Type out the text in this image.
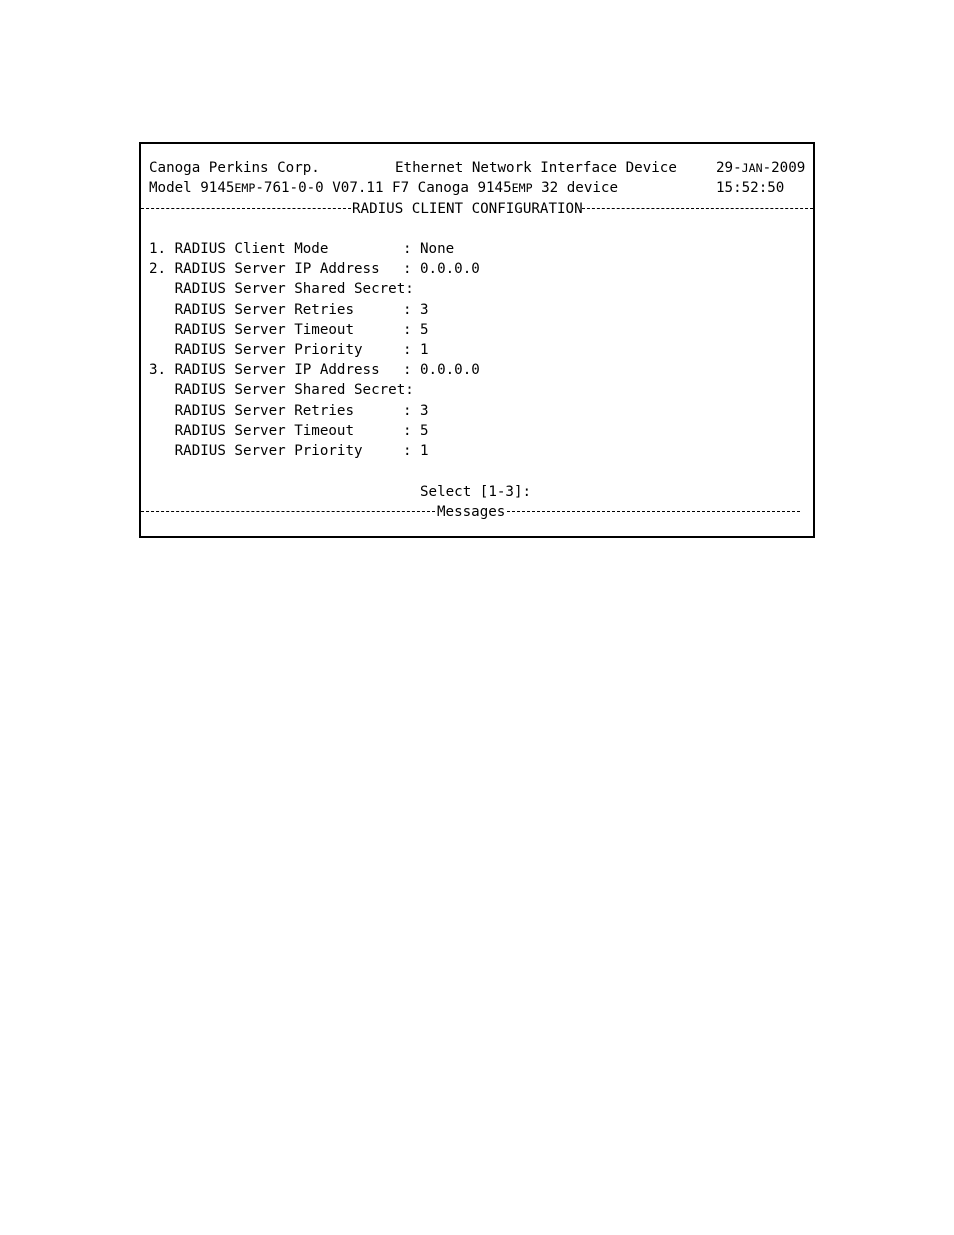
Canoga Perkins Corp.

	Ethernet Network Interface Device

	29-JAN-2009

Model 9145EMP-761-0-0 V07.11 F7 Canoga 9145EMP 32 device

	15:52:50

RADIUS CLIENT CONFIGURATION

1. RADIUS Client Mode	: None
2. RADIUS Server IP Address : 0.0.0.0
RADIUS Server Shared Secret:
RADIUS Server Retries	: 3
RADIUS Server Timeout	: 5
RADIUS Server Priority	: 1
3. RADIUS Server IP Address : 0.0.0.0
RADIUS Server Shared Secret:
RADIUS Server Retries	: 3
RADIUS Server Timeout	: 5
RADIUS Server Priority	: 1

Select [1-3]:

Messages
